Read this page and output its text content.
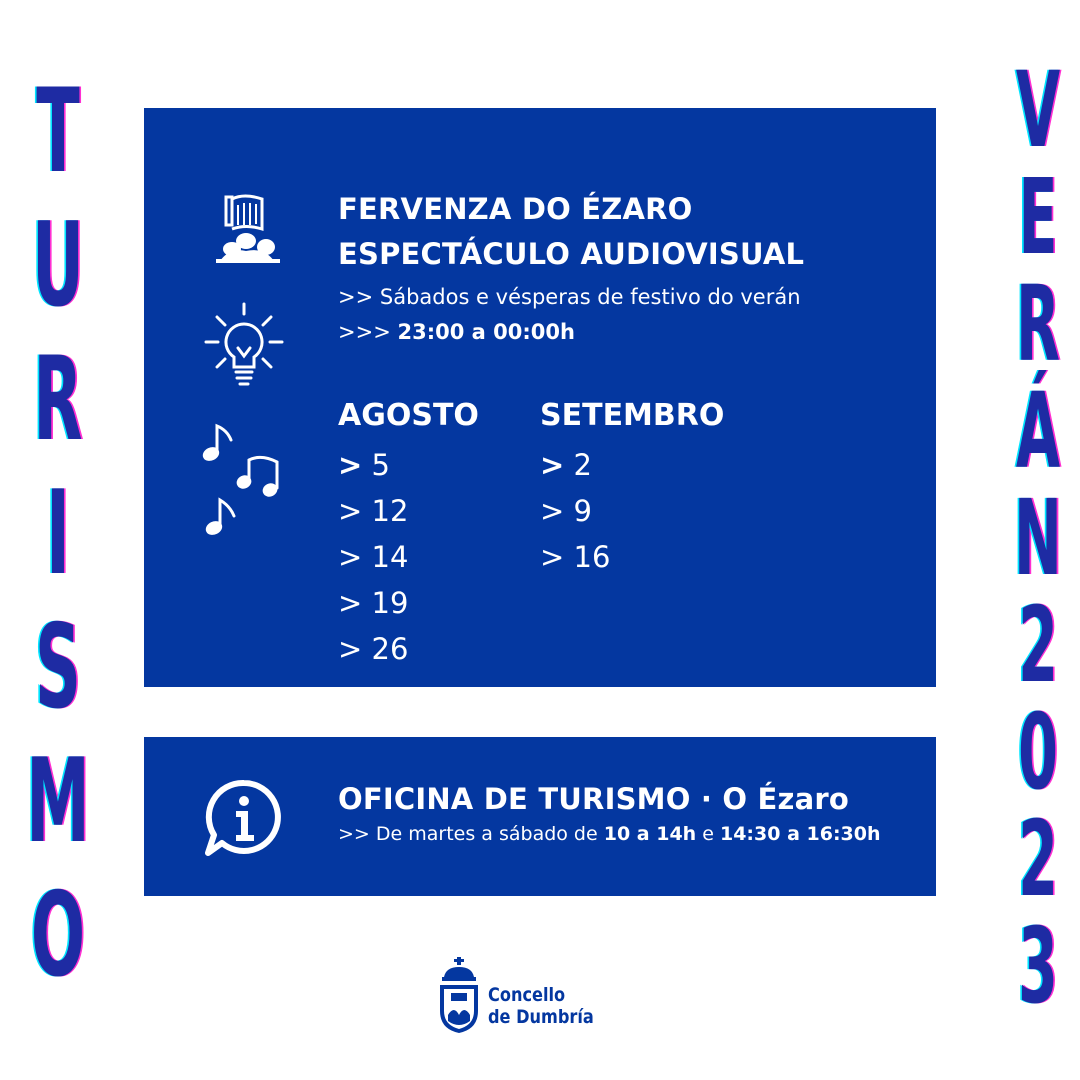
T
U
R
I
S
M
O
V
E
R
Á
N
2
0
2
3
FERVENZA DO ÉZARO
ESPECTÁCULO AUDIOVISUAL
>> Sábados e vésperas de festivo do verán
>>> 23:00 a 00:00h
AGOSTO
> 5
> 12
> 14
> 19
> 26
SETEMBRO
> 2
> 9
> 16
OFICINA DE TURISMO · O Ézaro
>> De martes a sábado de 10 a 14h e 14:30 a 16:30h
Concello
de Dumbría
